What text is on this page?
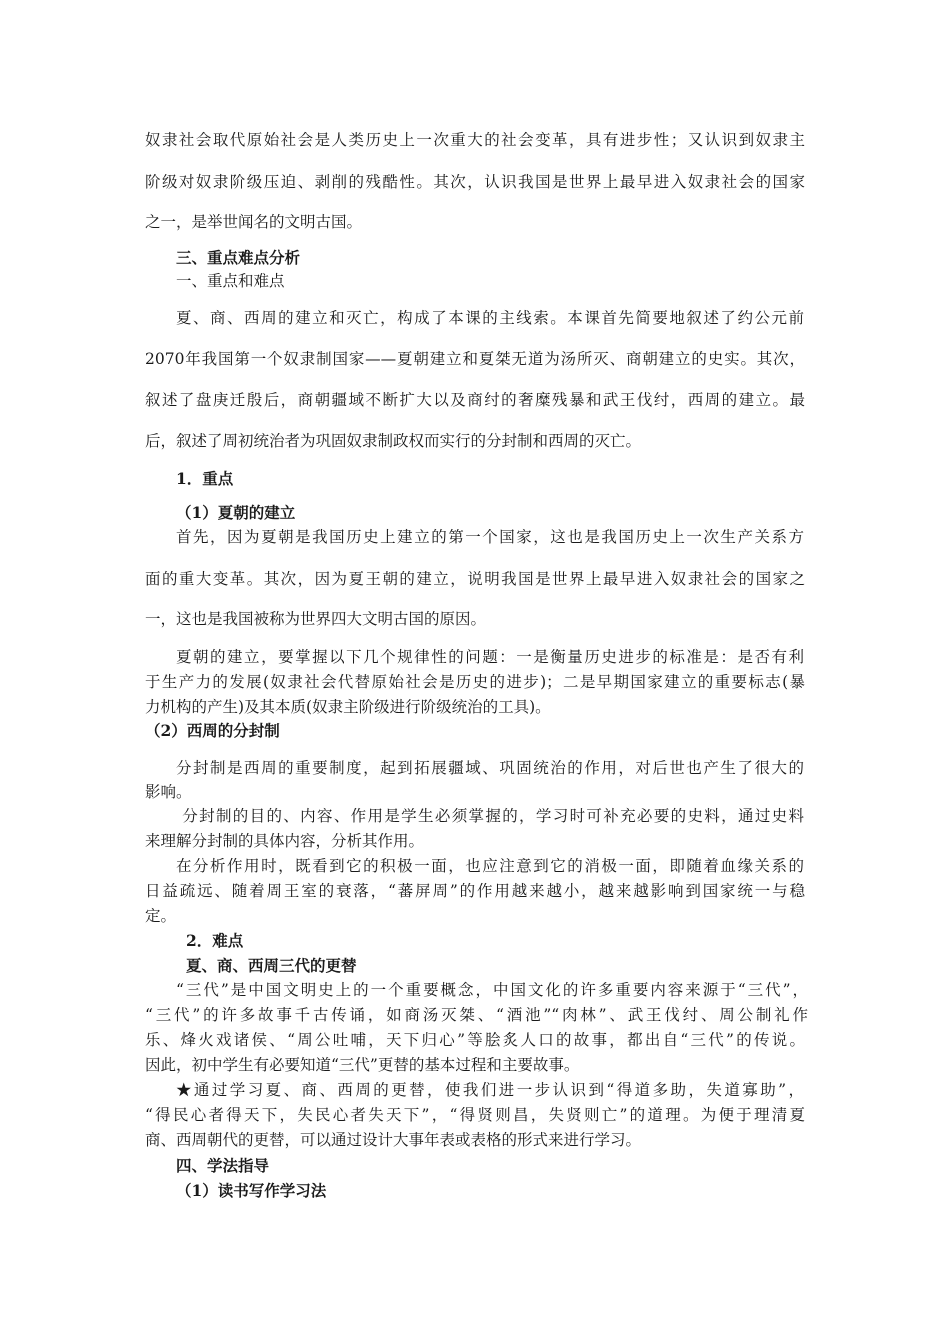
奴隶社会取代原始社会是人类历史上一次重大的社会变革，具有进步性；又认识到奴隶主
阶级对奴隶阶级压迫、剥削的残酷性。其次，认识我国是世界上最早进入奴隶社会的国家
之一，是举世闻名的文明古国。
三、重点难点分析
一、重点和难点
夏、商、西周的建立和灭亡，构成了本课的主线索。本课首先简要地叙述了约公元前
2070年我国第一个奴隶制国家——夏朝建立和夏桀无道为汤所灭、商朝建立的史实。其次，
叙述了盘庚迁殷后，商朝疆域不断扩大以及商纣的奢糜残暴和武王伐纣，西周的建立。最
后，叙述了周初统治者为巩固奴隶制政权而实行的分封制和西周的灭亡。
1．重点
（1）夏朝的建立
首先，因为夏朝是我国历史上建立的第一个国家，这也是我国历史上一次生产关系方
面的重大变革。其次，因为夏王朝的建立，说明我国是世界上最早进入奴隶社会的国家之
一，这也是我国被称为世界四大文明古国的原因。
夏朝的建立，要掌握以下几个规律性的问题：一是衡量历史进步的标准是：是否有利
于生产力的发展(奴隶社会代替原始社会是历史的进步)；二是早期国家建立的重要标志(暴
力机构的产生)及其本质(奴隶主阶级进行阶级统治的工具)。
（2）西周的分封制
分封制是西周的重要制度，起到拓展疆域、巩固统治的作用，对后世也产生了很大的
影响。
分封制的目的、内容、作用是学生必须掌握的，学习时可补充必要的史料，通过史料
来理解分封制的具体内容，分析其作用。
在分析作用时，既看到它的积极一面，也应注意到它的消极一面，即随着血缘关系的
日益疏远、随着周王室的衰落，“蕃屏周”的作用越来越小，越来越影响到国家统一与稳
定。
2．难点
夏、商、西周三代的更替
“三代”是中国文明史上的一个重要概念，中国文化的许多重要内容来源于“三代”，
“三代”的许多故事千古传诵，如商汤灭桀、“酒池”“肉林”、武王伐纣、周公制礼作
乐、烽火戏诸侯、“周公吐哺，天下归心”等脍炙人口的故事，都出自“三代”的传说。
因此，初中学生有必要知道“三代”更替的基本过程和主要故事。
★通过学习夏、商、西周的更替，使我们进一步认识到“得道多助，失道寡助”，
“得民心者得天下，失民心者失天下”，“得贤则昌，失贤则亡”的道理。为便于理清夏
商、西周朝代的更替，可以通过设计大事年表或表格的形式来进行学习。
四、学法指导
（1）读书写作学习法
